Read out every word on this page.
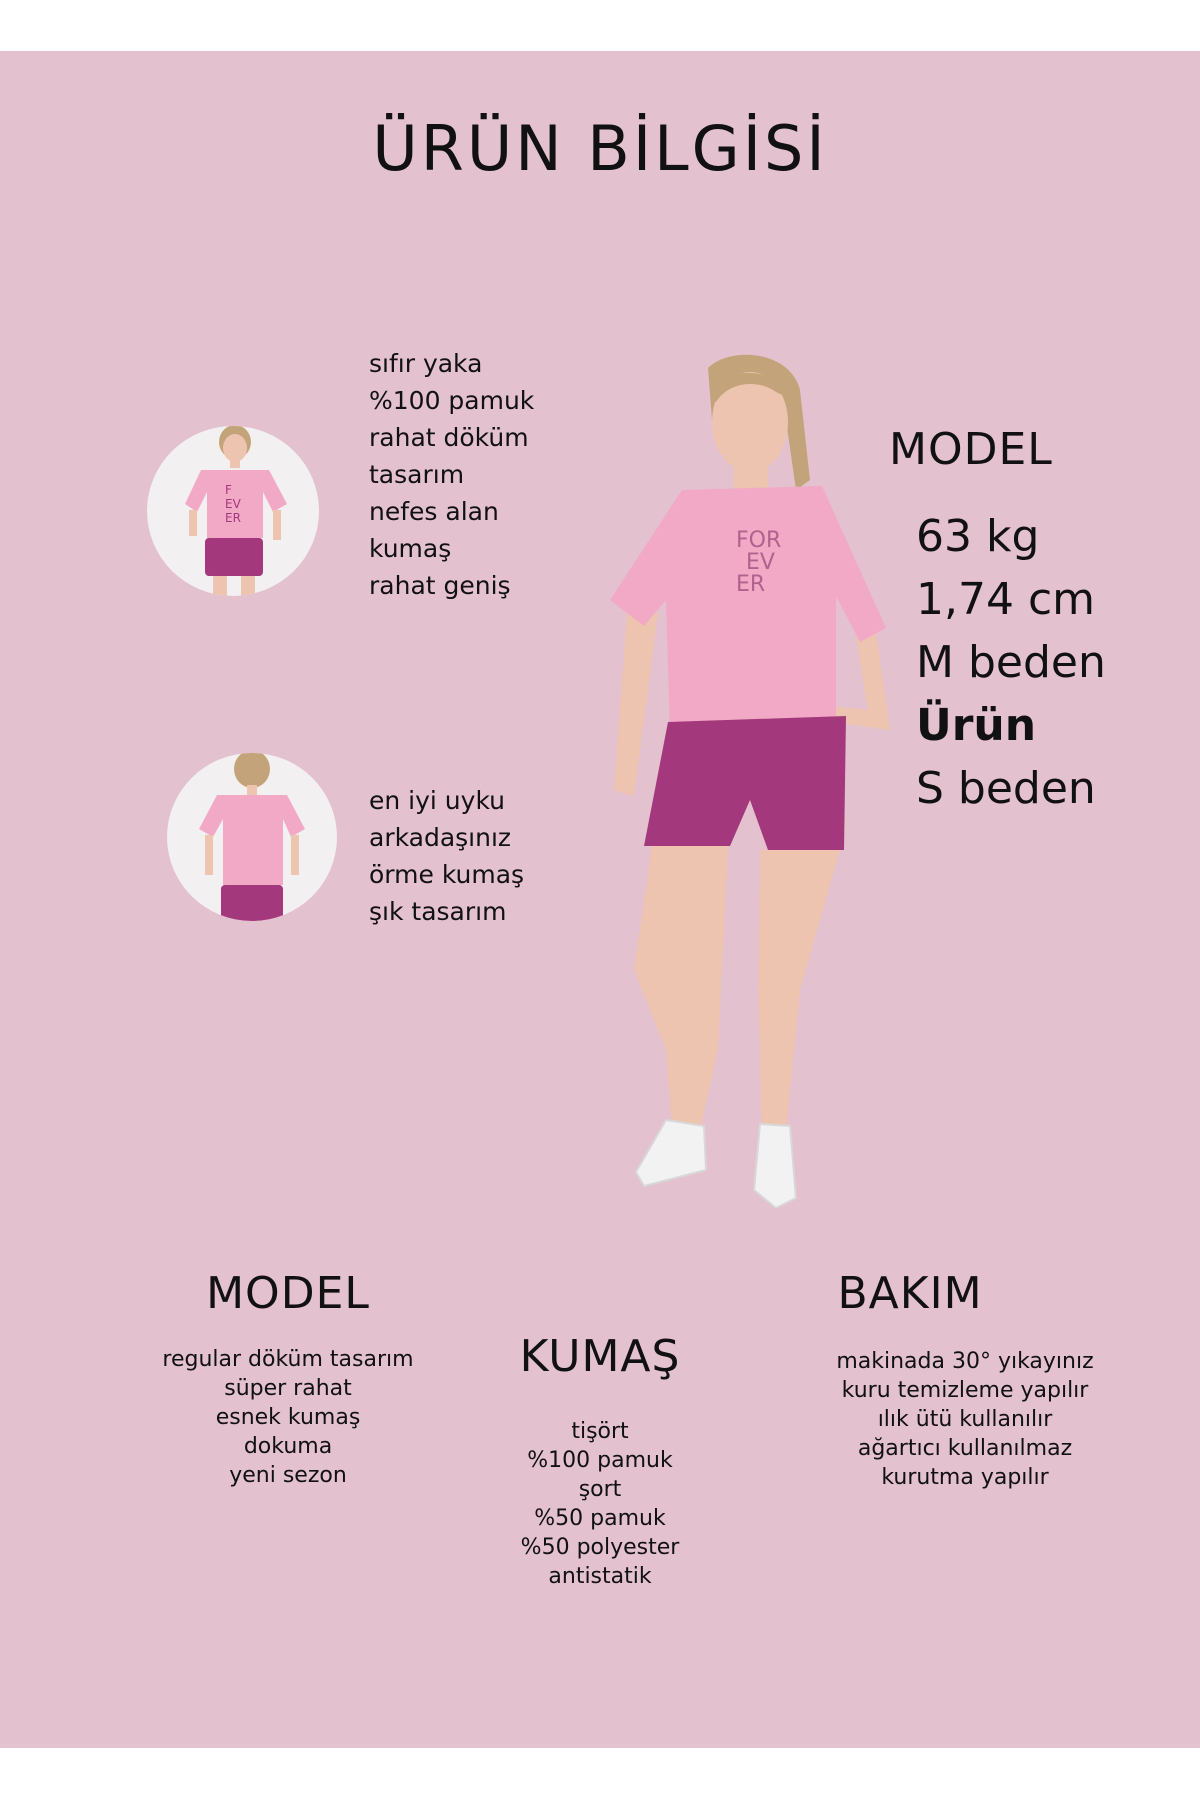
ÜRÜN BİLGİSİ
F
EV
ER
sıfır yaka
%100 pamuk
rahat döküm
tasarım
nefes alan
kumaş
rahat geniş
en iyi uyku
arkadaşınız
örme kumaş
şık tasarım
FOR
EV
ER
MODEL
63 kg
1,74 cm
M beden
Ürün
S beden
MODEL
regular döküm tasarım
süper rahat
esnek kumaş
dokuma
yeni sezon
KUMAŞ
tişört
%100 pamuk
şort
%50 pamuk
%50 polyester
antistatik
BAKIM
makinada 30° yıkayınız
kuru temizleme yapılır
ılık ütü kullanılır
ağartıcı kullanılmaz
kurutma yapılır
